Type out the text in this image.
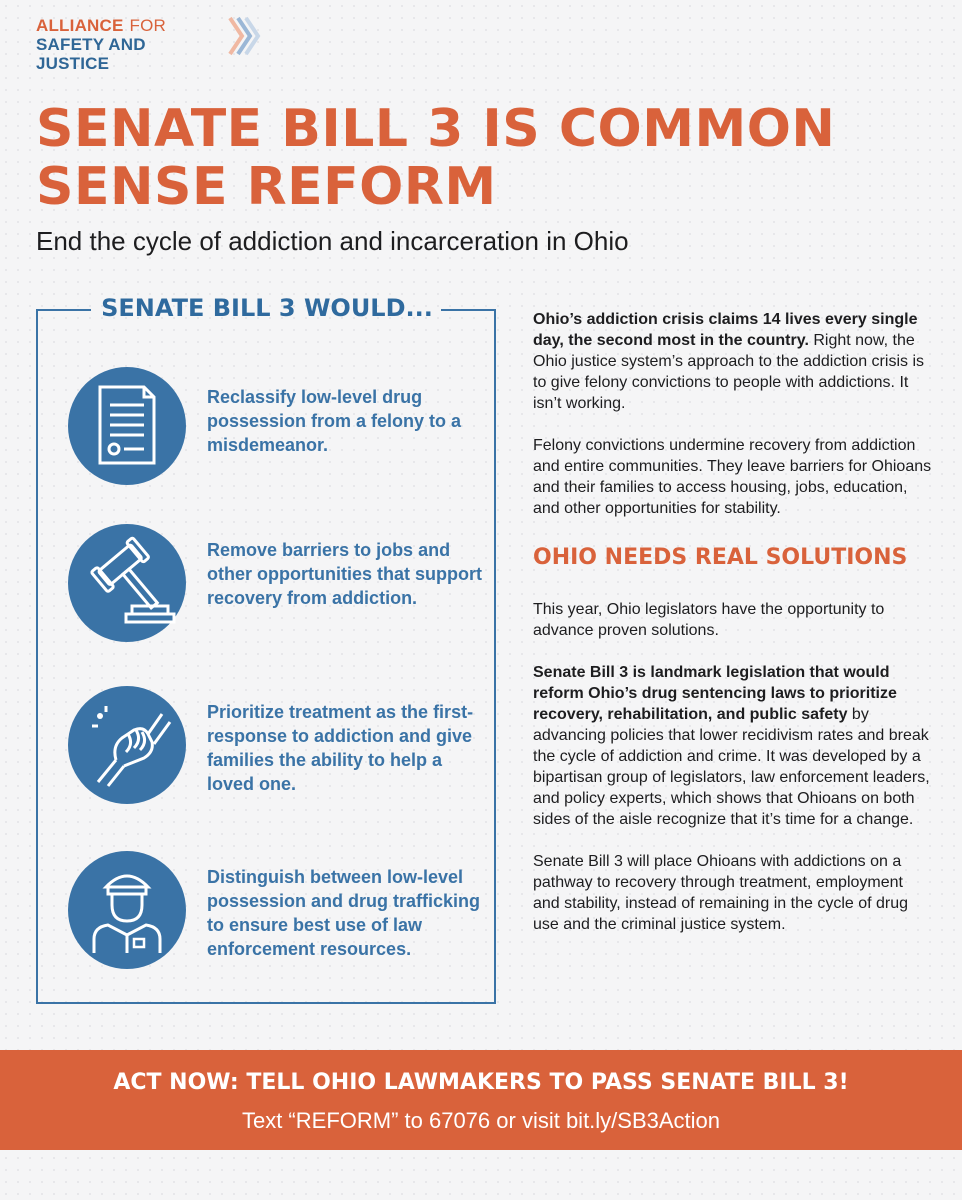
ALLIANCE FOR
SAFETY AND JUSTICE
SENATE BILL 3 IS COMMON SENSE REFORM
End the cycle of addiction and incarceration in Ohio
SENATE BILL 3 WOULD...
Reclassify low-level drug possession from a felony to a misdemeanor.
Remove barriers to jobs and other opportunities that support recovery from addiction.
Prioritize treatment as the first-response to addiction and give families the ability to help a loved one.
Distinguish between low-level possession and drug trafficking to ensure best use of law enforcement resources.

Ohio’s addiction crisis claims 14 lives every single day, the second most in the country. Right now, the Ohio justice system’s approach to the addiction crisis is to give felony convictions to people with addictions. It isn’t working.

Felony convictions undermine recovery from addiction and entire communities. They leave barriers for Ohioans and their families to access housing, jobs, education, and other opportunities for stability.

OHIO NEEDS REAL SOLUTIONS

This year, Ohio legislators have the opportunity to advance proven solutions.

Senate Bill 3 is landmark legislation that would reform Ohio’s drug sentencing laws to prioritize recovery, rehabilitation, and public safety by advancing policies that lower recidivism rates and break the cycle of addiction and crime. It was developed by a bipartisan group of legislators, law enforcement leaders, and policy experts, which shows that Ohioans on both sides of the aisle recognize that it’s time for a change.

Senate Bill 3 will place Ohioans with addictions on a pathway to recovery through treatment, employment and stability, instead of remaining in the cycle of drug use and the criminal justice system.

ACT NOW: TELL OHIO LAWMAKERS TO PASS SENATE BILL 3!
Text “REFORM” to 67076 or visit bit.ly/SB3Action
